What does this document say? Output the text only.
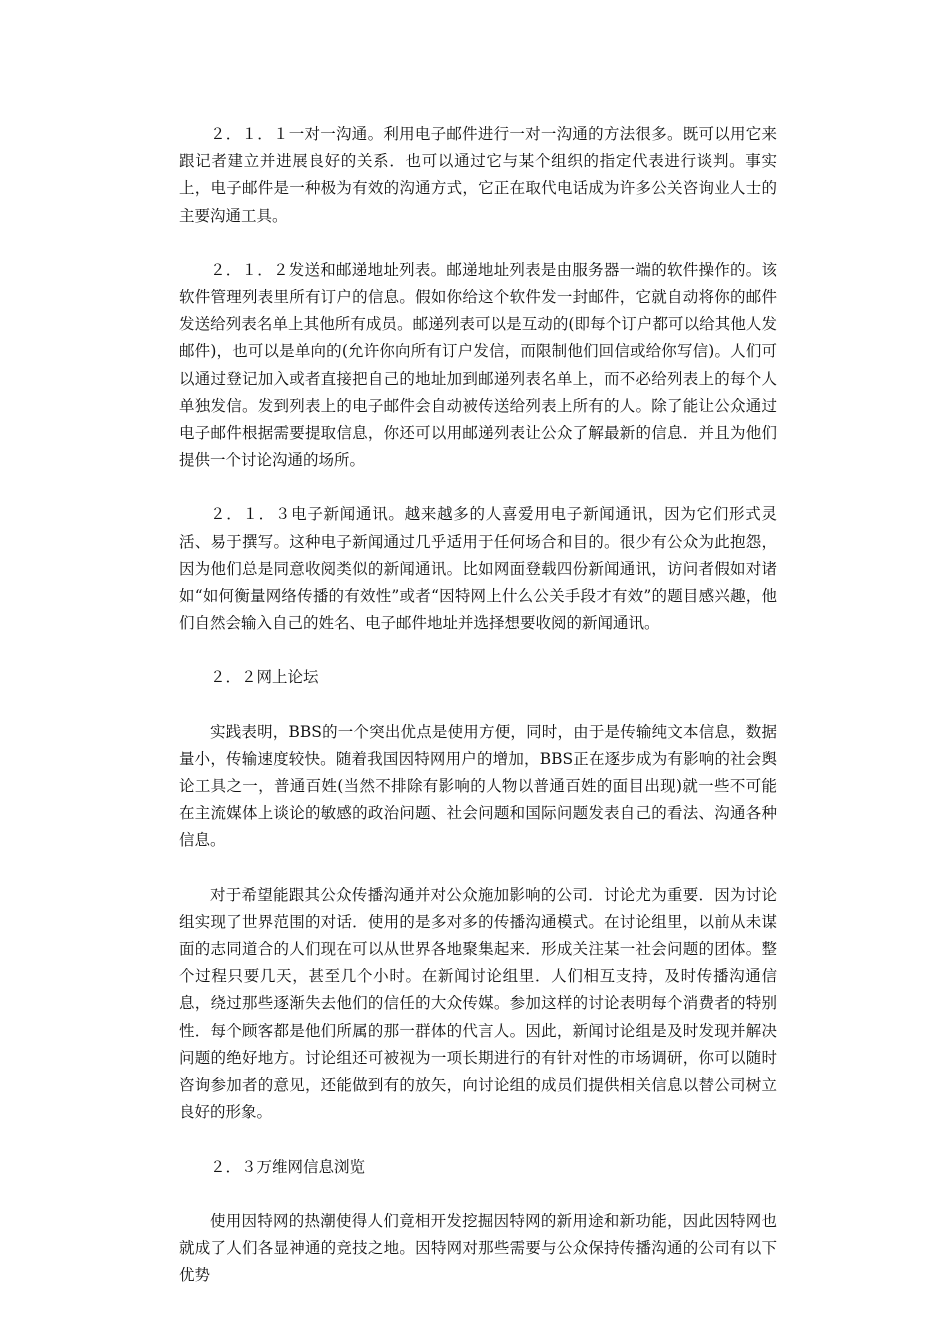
２．１．１一对一沟通。利用电子邮件进行一对一沟通的方法很多。既可以用它来跟记者建立并进展良好的关系．也可以通过它与某个组织的指定代表进行谈判。事实上，电子邮件是一种极为有效的沟通方式，它正在取代电话成为许多公关咨询业人士的主要沟通工具。

２．１．２发送和邮递地址列表。邮递地址列表是由服务器一端的软件操作的。该软件管理列表里所有订户的信息。假如你给这个软件发一封邮件，它就自动将你的邮件发送给列表名单上其他所有成员。邮递列表可以是互动的(即每个订户都可以给其他人发邮件)，也可以是单向的(允许你向所有订户发信，而限制他们回信或给你写信)。人们可以通过登记加入或者直接把自己的地址加到邮递列表名单上，而不必给列表上的每个人单独发信。发到列表上的电子邮件会自动被传送给列表上所有的人。除了能让公众通过电子邮件根据需要提取信息，你还可以用邮递列表让公众了解最新的信息．并且为他们提供一个讨论沟通的场所。

２．１．３电子新闻通讯。越来越多的人喜爱用电子新闻通讯，因为它们形式灵活、易于撰写。这种电子新闻通过几乎适用于任何场合和目的。很少有公众为此抱怨，因为他们总是同意收阅类似的新闻通讯。比如网面登载四份新闻通讯，访问者假如对诸如“如何衡量网络传播的有效性”或者“因特网上什么公关手段才有效”的题目感兴趣，他们自然会输入自己的姓名、电子邮件地址并选择想要收阅的新闻通讯。

２．２网上论坛

实践表明，BBS的一个突出优点是使用方便，同时，由于是传输纯文本信息，数据量小，传输速度较快。随着我国因特网用户的增加，BBS正在逐步成为有影响的社会舆论工具之一，普通百姓(当然不排除有影响的人物以普通百姓的面目出现)就一些不可能在主流媒体上谈论的敏感的政治问题、社会问题和国际问题发表自己的看法、沟通各种信息。

对于希望能跟其公众传播沟通并对公众施加影响的公司．讨论尤为重要．因为讨论组实现了世界范围的对话．使用的是多对多的传播沟通模式。在讨论组里，以前从未谋面的志同道合的人们现在可以从世界各地聚集起来．形成关注某一社会问题的团体。整个过程只要几天，甚至几个小时。在新闻讨论组里．人们相互支持，及时传播沟通信息，绕过那些逐渐失去他们的信任的大众传媒。参加这样的讨论表明每个消费者的特别性．每个顾客都是他们所属的那一群体的代言人。因此，新闻讨论组是及时发现并解决问题的绝好地方。讨论组还可被视为一项长期进行的有针对性的市场调研，你可以随时咨询参加者的意见，还能做到有的放矢，向讨论组的成员们提供相关信息以替公司树立良好的形象。

２．３万维网信息浏览

使用因特网的热潮使得人们竟相开发挖掘因特网的新用途和新功能，因此因特网也就成了人们各显神通的竞技之地。因特网对那些需要与公众保持传播沟通的公司有以下优势
